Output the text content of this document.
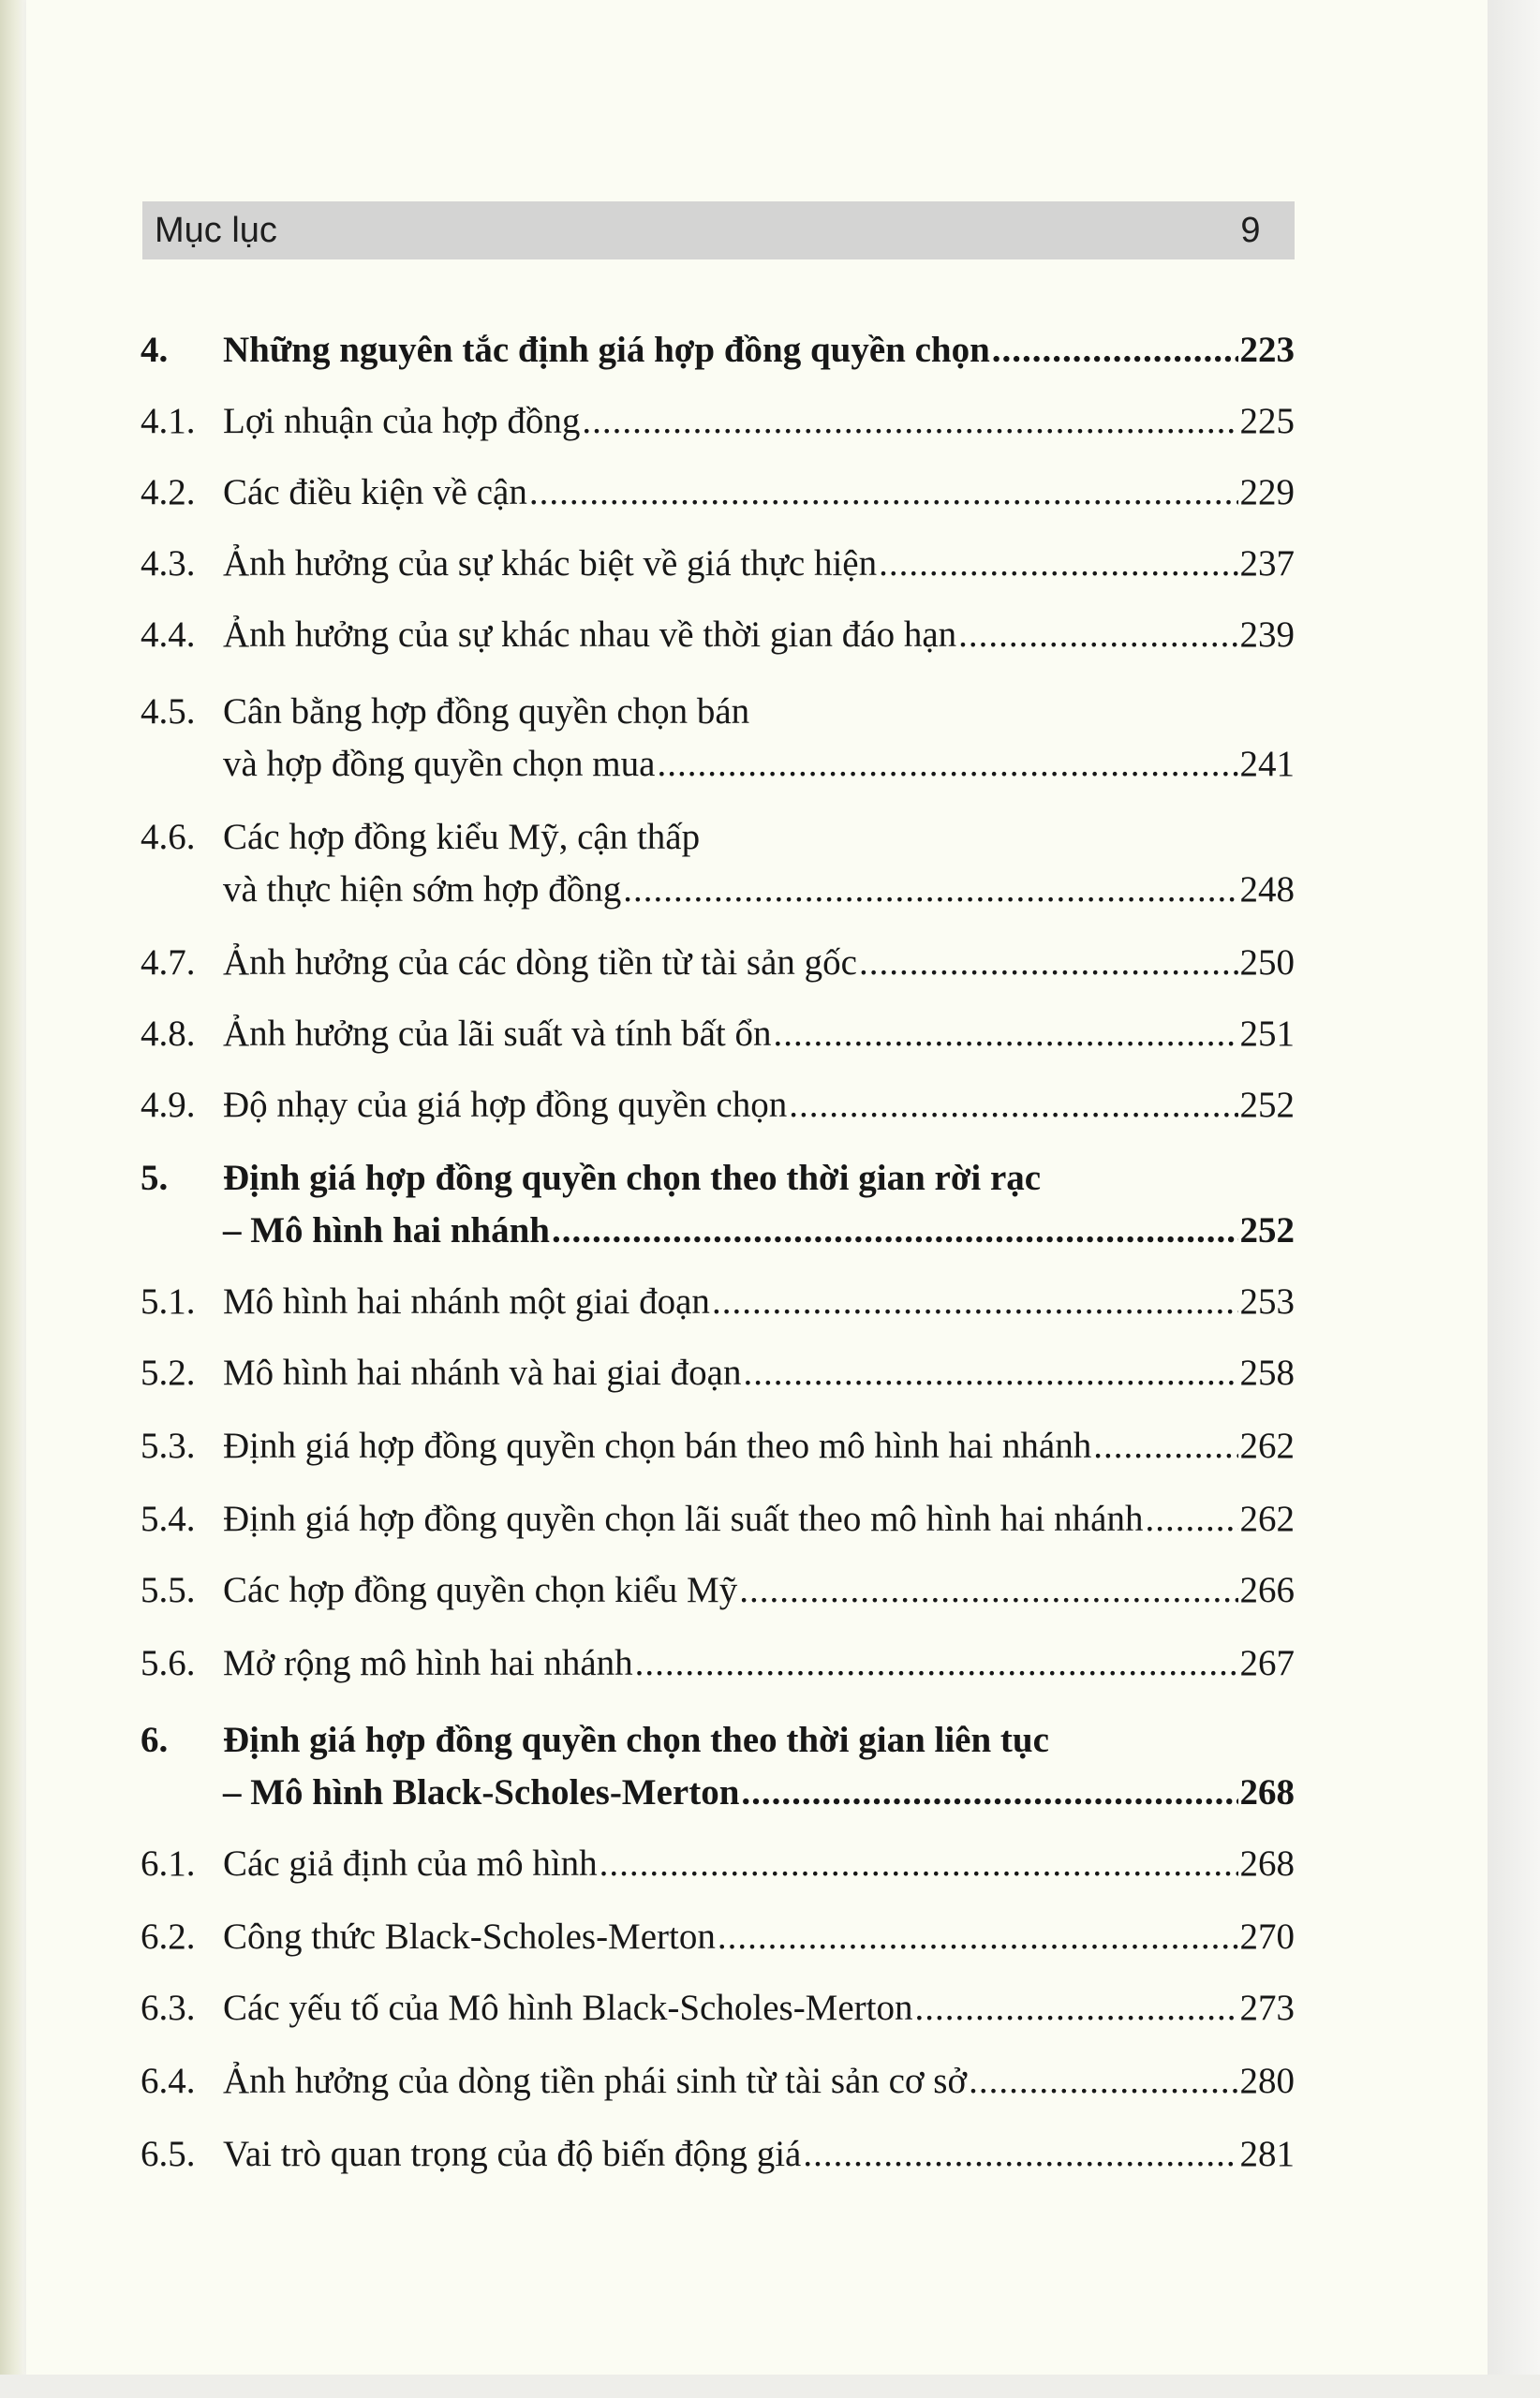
Mục lục	9
4. Những nguyên tắc định giá hợp đồng quyền chọn .....	223
4.1. Lợi nhuận của hợp đồng .....	225
4.2. Các điều kiện về cận .....	229
4.3. Ảnh hưởng của sự khác biệt về giá thực hiện .....	237
4.4. Ảnh hưởng của sự khác nhau về thời gian đáo hạn .....	239
4.5. Cân bằng hợp đồng quyền chọn bán
và hợp đồng quyền chọn mua .....	241
4.6. Các hợp đồng kiểu Mỹ, cận thấp
và thực hiện sớm hợp đồng .....	248
4.7. Ảnh hưởng của các dòng tiền từ tài sản gốc .....	250
4.8. Ảnh hưởng của lãi suất và tính bất ổn .....	251
4.9. Độ nhạy của giá hợp đồng quyền chọn .....	252
5. Định giá hợp đồng quyền chọn theo thời gian rời rạc
– Mô hình hai nhánh .....	252
5.1. Mô hình hai nhánh một giai đoạn .....	253
5.2. Mô hình hai nhánh và hai giai đoạn .....	258
5.3. Định giá hợp đồng quyền chọn bán theo mô hình hai nhánh .....	262
5.4. Định giá hợp đồng quyền chọn lãi suất theo mô hình hai nhánh .....	262
5.5. Các hợp đồng quyền chọn kiểu Mỹ .....	266
5.6. Mở rộng mô hình hai nhánh .....	267
6. Định giá hợp đồng quyền chọn theo thời gian liên tục
– Mô hình Black-Scholes-Merton .....	268
6.1. Các giả định của mô hình .....	268
6.2. Công thức Black-Scholes-Merton .....	270
6.3. Các yếu tố của Mô hình Black-Scholes-Merton .....	273
6.4. Ảnh hưởng của dòng tiền phái sinh từ tài sản cơ sở .....	280
6.5. Vai trò quan trọng của độ biến động giá .....	281
